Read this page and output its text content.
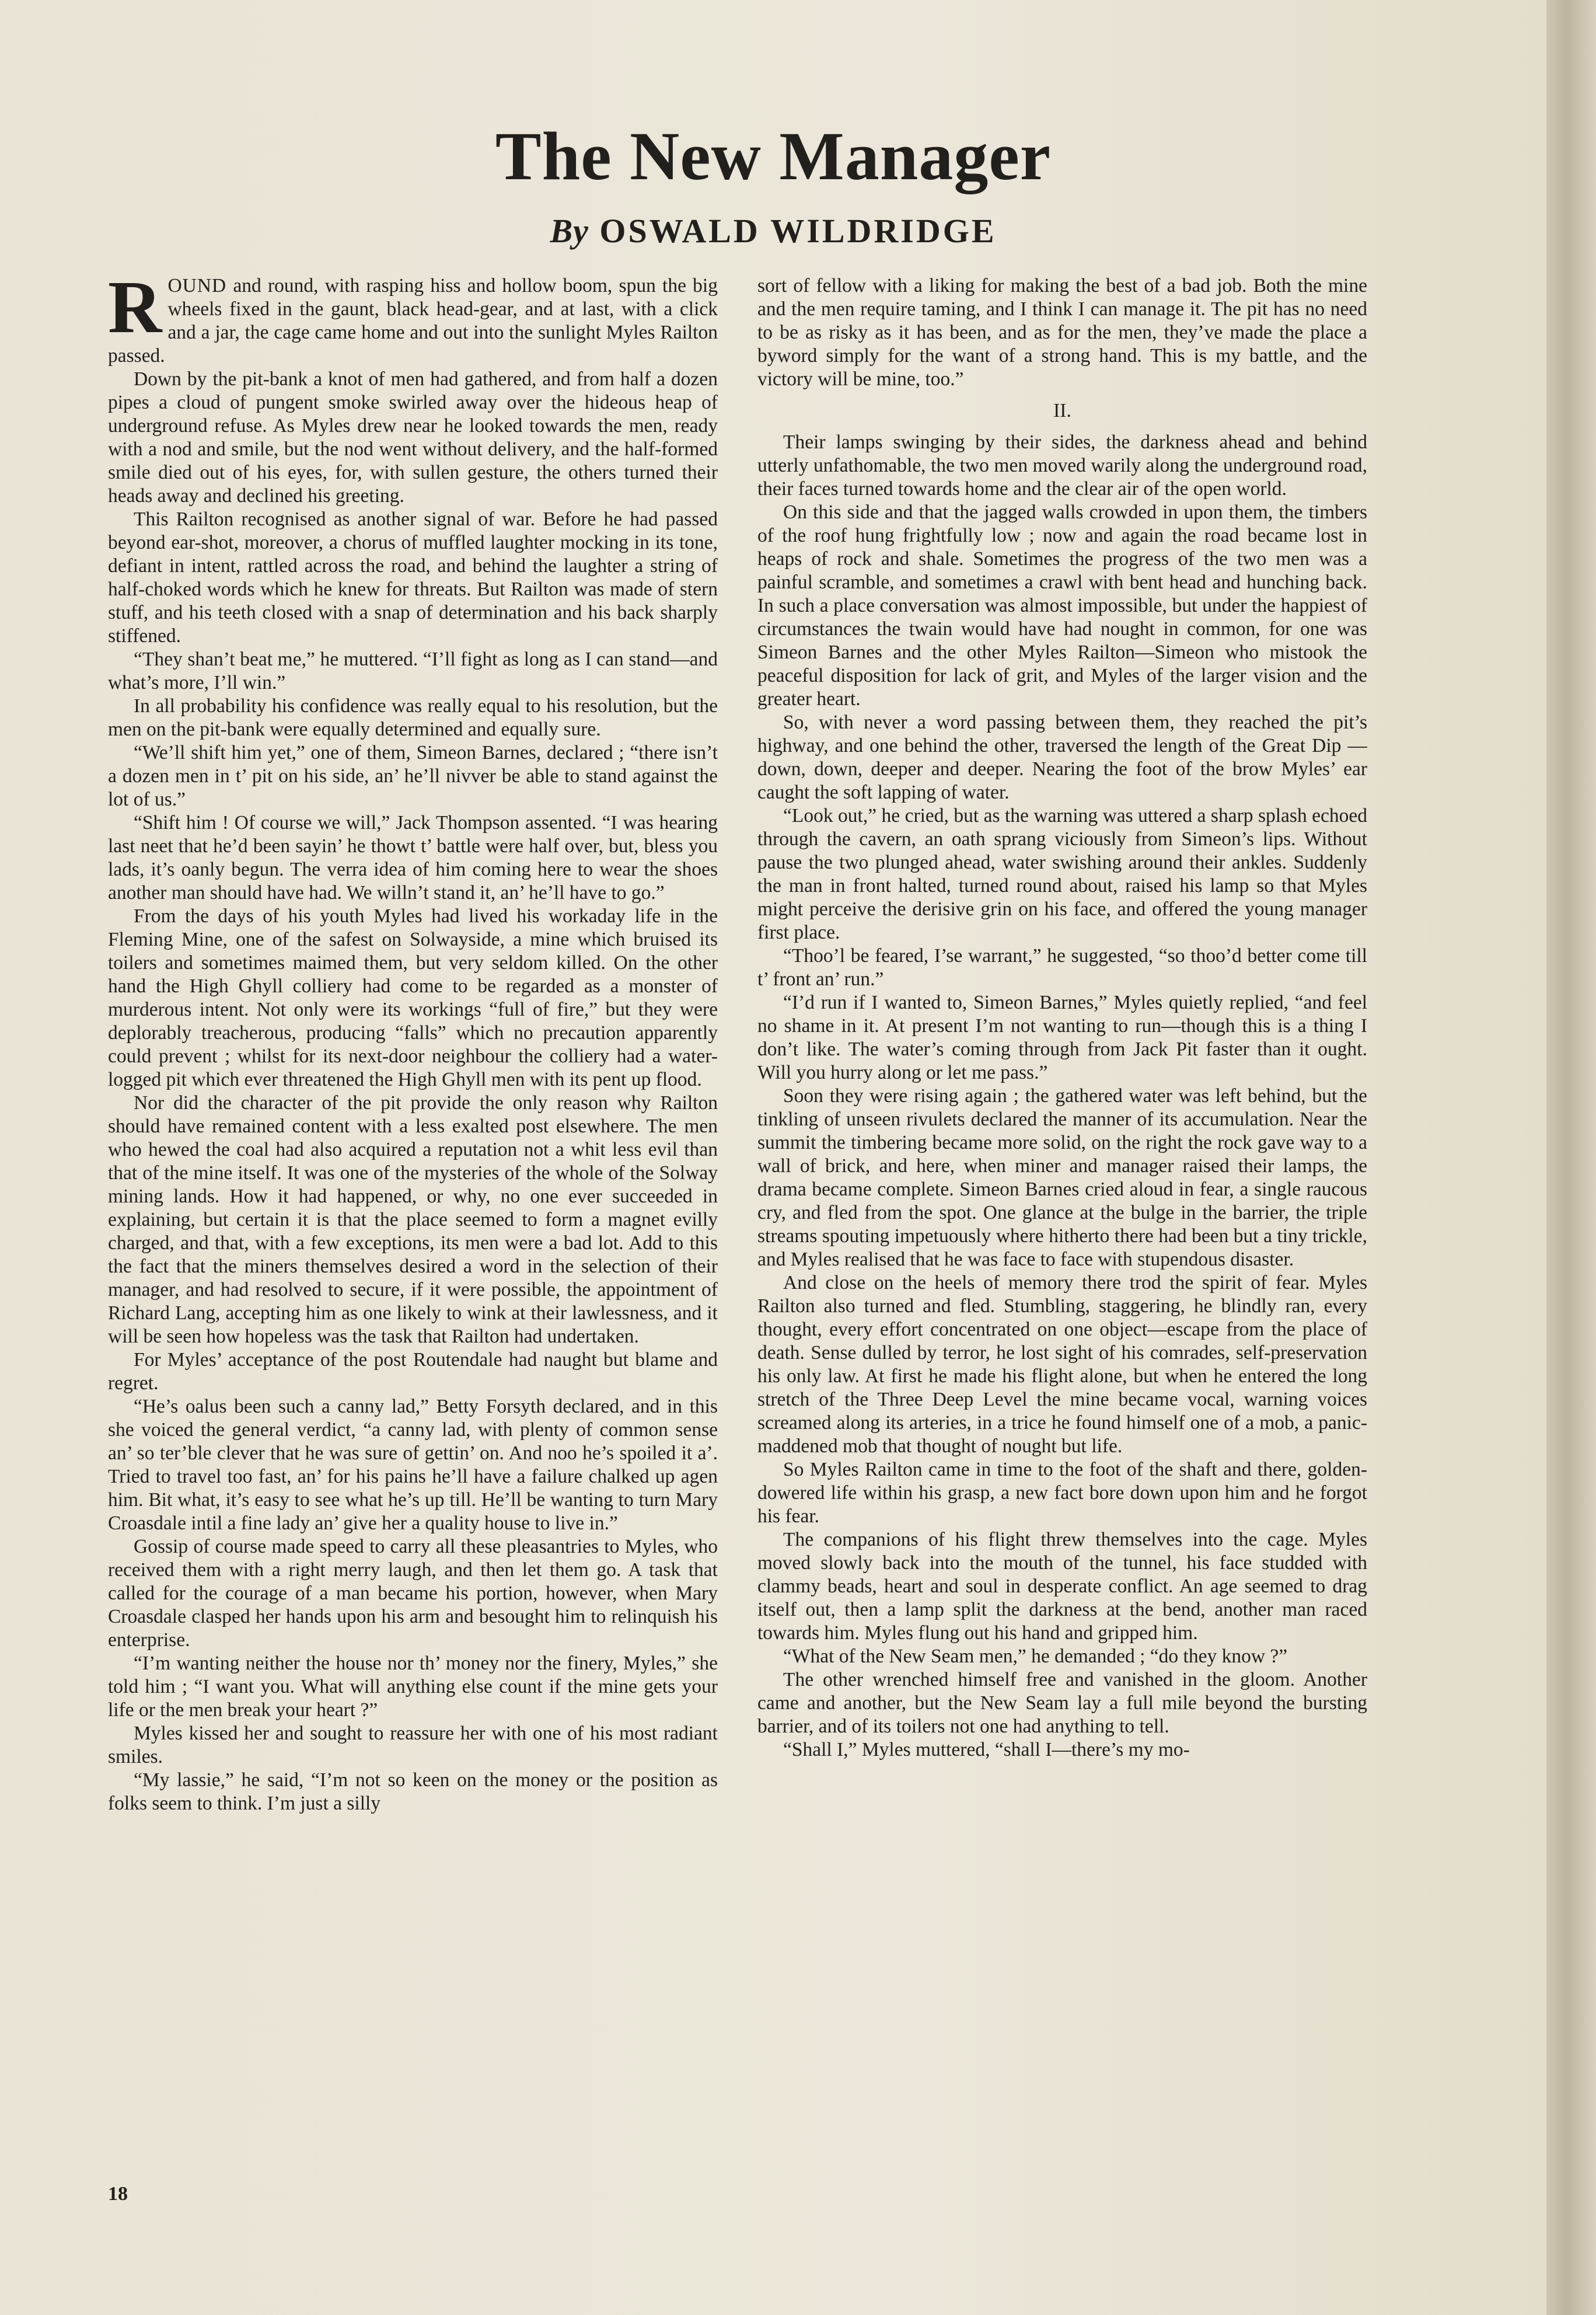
The New Manager
By OSWALD WILDRIDGE

ROUND and round, with rasping hiss and hollow boom, spun the big wheels fixed in the gaunt, black head-gear, and at last, with a click and a jar, the cage came home and out into the sunlight Myles Railton passed.

Down by the pit-bank a knot of men had gathered, and from half a dozen pipes a cloud of pungent smoke swirled away over the hideous heap of underground refuse. As Myles drew near he looked towards the men, ready with a nod and smile, but the nod went without delivery, and the half-formed smile died out of his eyes, for, with sullen gesture, the others turned their heads away and declined his greeting.

This Railton recognised as another signal of war. Before he had passed beyond ear-shot, moreover, a chorus of muffled laughter mocking in its tone, defiant in intent, rattled across the road, and behind the laughter a string of half-choked words which he knew for threats. But Railton was made of stern stuff, and his teeth closed with a snap of determination and his back sharply stiffened.

“They shan’t beat me,” he muttered. “I’ll fight as long as I can stand—and what’s more, I’ll win.”

In all probability his confidence was really equal to his resolution, but the men on the pit-bank were equally determined and equally sure.

“We’ll shift him yet,” one of them, Simeon Barnes, declared ; “there isn’t a dozen men in t’ pit on his side, an’ he’ll nivver be able to stand against the lot of us.”

“Shift him ! Of course we will,” Jack Thompson assented. “I was hearing last neet that he’d been sayin’ he thowt t’ battle were half over, but, bless you lads, it’s oanly begun. The verra idea of him coming here to wear the shoes another man should have had. We willn’t stand it, an’ he’ll have to go.”

From the days of his youth Myles had lived his workaday life in the Fleming Mine, one of the safest on Solwayside, a mine which bruised its toilers and sometimes maimed them, but very seldom killed. On the other hand the High Ghyll colliery had come to be regarded as a monster of murderous intent. Not only were its workings “full of fire,” but they were deplorably treacherous, producing “falls” which no precaution apparently could prevent ; whilst for its next-door neighbour the colliery had a water-logged pit which ever threatened the High Ghyll men with its pent up flood.

Nor did the character of the pit provide the only reason why Railton should have remained content with a less exalted post elsewhere. The men who hewed the coal had also acquired a reputation not a whit less evil than that of the mine itself. It was one of the mysteries of the whole of the Solway mining lands. How it had happened, or why, no one ever succeeded in explaining, but certain it is that the place seemed to form a magnet evilly charged, and that, with a few exceptions, its men were a bad lot. Add to this the fact that the miners themselves desired a word in the selection of their manager, and had resolved to secure, if it were possible, the appointment of Richard Lang, accepting him as one likely to wink at their lawlessness, and it will be seen how hopeless was the task that Railton had undertaken.

For Myles’ acceptance of the post Routendale had naught but blame and regret.

“He’s oalus been such a canny lad,” Betty Forsyth declared, and in this she voiced the general verdict, “a canny lad, with plenty of common sense an’ so ter’ble clever that he was sure of gettin’ on. And noo he’s spoiled it a’. Tried to travel too fast, an’ for his pains he’ll have a failure chalked up agen him. Bit what, it’s easy to see what he’s up till. He’ll be wanting to turn Mary Croasdale intil a fine lady an’ give her a quality house to live in.”

Gossip of course made speed to carry all these pleasantries to Myles, who received them with a right merry laugh, and then let them go. A task that called for the courage of a man became his portion, however, when Mary Croasdale clasped her hands upon his arm and besought him to relinquish his enterprise.

“I’m wanting neither the house nor th’ money nor the finery, Myles,” she told him ; “I want you. What will anything else count if the mine gets your life or the men break your heart ?”

Myles kissed her and sought to reassure her with one of his most radiant smiles.

“My lassie,” he said, “I’m not so keen on the money or the position as folks seem to think. I’m just a silly

sort of fellow with a liking for making the best of a bad job. Both the mine and the men require taming, and I think I can manage it. The pit has no need to be as risky as it has been, and as for the men, they’ve made the place a byword simply for the want of a strong hand. This is my battle, and the victory will be mine, too.”

II.

Their lamps swinging by their sides, the darkness ahead and behind utterly unfathomable, the two men moved warily along the underground road, their faces turned towards home and the clear air of the open world.

On this side and that the jagged walls crowded in upon them, the timbers of the roof hung frightfully low ; now and again the road became lost in heaps of rock and shale. Sometimes the progress of the two men was a painful scramble, and sometimes a crawl with bent head and hunching back. In such a place conversation was almost impossible, but under the happiest of circumstances the twain would have had nought in common, for one was Simeon Barnes and the other Myles Railton—Simeon who mistook the peaceful disposition for lack of grit, and Myles of the larger vision and the greater heart.

So, with never a word passing between them, they reached the pit’s highway, and one behind the other, traversed the length of the Great Dip — down, down, deeper and deeper. Nearing the foot of the brow Myles’ ear caught the soft lapping of water.

“Look out,” he cried, but as the warning was uttered a sharp splash echoed through the cavern, an oath sprang viciously from Simeon’s lips. Without pause the two plunged ahead, water swishing around their ankles. Suddenly the man in front halted, turned round about, raised his lamp so that Myles might perceive the derisive grin on his face, and offered the young manager first place.

“Thoo’l be feared, I’se warrant,” he suggested, “so thoo’d better come till t’ front an’ run.”

“I’d run if I wanted to, Simeon Barnes,” Myles quietly replied, “and feel no shame in it. At present I’m not wanting to run—though this is a thing I don’t like. The water’s coming through from Jack Pit faster than it ought. Will you hurry along or let me pass.”

Soon they were rising again ; the gathered water was left behind, but the tinkling of unseen rivulets declared the manner of its accumulation. Near the summit the timbering became more solid, on the right the rock gave way to a wall of brick, and here, when miner and manager raised their lamps, the drama became complete. Simeon Barnes cried aloud in fear, a single raucous cry, and fled from the spot. One glance at the bulge in the barrier, the triple streams spouting impetuously where hitherto there had been but a tiny trickle, and Myles realised that he was face to face with stupendous disaster.

And close on the heels of memory there trod the spirit of fear. Myles Railton also turned and fled. Stumbling, staggering, he blindly ran, every thought, every effort concentrated on one object—escape from the place of death. Sense dulled by terror, he lost sight of his comrades, self-preservation his only law. At first he made his flight alone, but when he entered the long stretch of the Three Deep Level the mine became vocal, warning voices screamed along its arteries, in a trice he found himself one of a mob, a panic-maddened mob that thought of nought but life.

So Myles Railton came in time to the foot of the shaft and there, golden-dowered life within his grasp, a new fact bore down upon him and he forgot his fear.

The companions of his flight threw themselves into the cage. Myles moved slowly back into the mouth of the tunnel, his face studded with clammy beads, heart and soul in desperate conflict. An age seemed to drag itself out, then a lamp split the darkness at the bend, another man raced towards him. Myles flung out his hand and gripped him.

“What of the New Seam men,” he demanded ; “do they know ?”

The other wrenched himself free and vanished in the gloom. Another came and another, but the New Seam lay a full mile beyond the bursting barrier, and of its toilers not one had anything to tell.

“Shall I,” Myles muttered, “shall I—there’s my mo-

18
